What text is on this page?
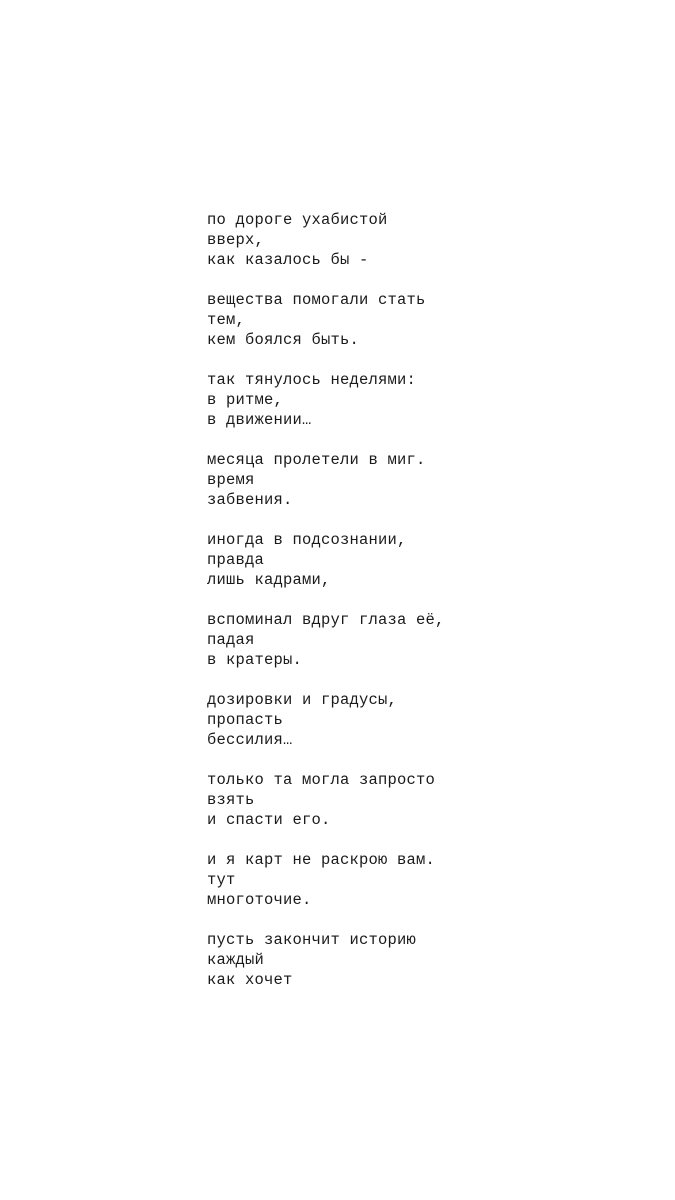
по дороге ухабистой
вверх,
как казалось бы -
вещества помогали стать
тем,
кем боялся быть.
так тянулось неделями:
в ритме,
в движении…
месяца пролетели в миг.
время
забвения.
иногда в подсознании,
правда
лишь кадрами,
вспоминал вдруг глаза её,
падая
в кратеры.
дозировки и градусы,
пропасть
бессилия…
только та могла запросто
взять
и спасти его.
и я карт не раскрою вам.
тут
многоточие.
пусть закончит историю
каждый
как хочет
